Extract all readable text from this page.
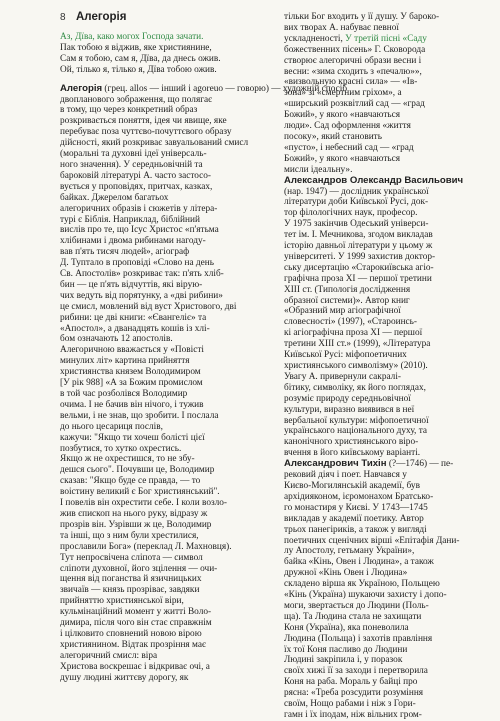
8 Алегорія
Аз, Дïва, како могох Господа зачати.
Пак тобою я віджив, яке християнине,
Сам я тобою, сам я, Дïва, да днесь ожив.
Ой, тілько я, тілько я, Дïва тобою ожив.
Алегорія (грец. allos — інший і agoreuo — говорю) — художній спосіб
двопланового зображення, що полягає
в тому, що через конкретний образ
розкривається поняття, ідея чи явище, яке
перебуває поза чуттєво-почуттєвого образу
дійсності, який розкриває завуальований смисл
(моральні та духовні ідеї універсаль-
ного значення). У середньовічній та
бароковій літературі А. часто застосо-
вується у проповідях, притчах, казках,
байках. Джерелом багатьох
алегоричних образів і сюжетів у літера-
турі є Біблія. Наприклад, біблійний
вислів про те, що Ісус Христос «п'ятьма
хлібинами і двома рибинами нагоду-
вав п'ять тисяч людей», агіограф
Д. Туптало в проповіді «Слово на день
Св. Апостолів» розкриває так: п'ять хліб-
бин — це п'ять відчуттів, які вірую-
чих ведуть від порятунку, а «дві рибини»
це смисл, мовлений від вуст Христового, дві
рибини: це дві книги: «Євангеліє» та
«Апостол», а дванадцять кошів із хлі-
бом означають 12 апостолів.
Алегоричною вважається у «Повісті
минулих літ» картина прийняття
християнства князем Володимиром
[У рік 988] «А за Божим промислом
в той час розболівся Володимир
очима. І не бачив він нічого, і тужив
вельми, і не знав, що зробити. І послала
до нього цесариця послів,
кажучи: "Якщо ти хочеш болісті цієї
позбутися, то хутко охрестись.
Якщо ж не охрестишся, то не збу-
дешся сього". Почувши це, Володимир
сказав: "Якщо буде се правда, — то
воістину великий є Бог християнський".
І повелів він охрестити себе. І коли возло-
жив єпископ на нього руку, відразу ж
прозрів він. Узрівши ж це, Володимир
та інші, що з ним були хрестилися,
прославили Бога» (переклад Л. Махновця).
Тут непросвічена сліпота — символ
сліпоти духовної, його зцілення — очи-
щення від поганства й язичницьких
звичаїв — князь прозріває, завдяки
прийняттю християнської віри,
кульмінаційний момент у житті Воло-
димира, після чого він стає справжнім
і цілковито сповнений новою вірою
християнином. Відтак прозріння має
алегоричний смисл: віра
Христова воскрешає і відкриває очі, а
душу людині життєву дорогу, як
тільки Бог входить у її душу. У бароко-
вих творах А. набуває певної
ускладненості, У третій пісні «Саду
божественних пісень» Г. Сковорода
створює алегоричні образи весни і
весни: «зима сходить з «печалю»»,
«визвольную красні сила» — «Ів-
зона» зі «смертним гріхом», а
«ширський розквітлий сад — «град
Божий», у якого «навчаються
люди». Сад оформлення «життя
посоку», який становить
«пусто», і небесний сад — «град
Божий», у якого «навчаються
мисли ідеальну».
Александров Олександр Васильович
(нар. 1947) — дослідник української
літератури доби Київської Русі, док-
тор філологічних наук, професор.
У 1975 закінчив Одеський універси-
тет ім. І. Мечникова, згодом викладав
історію давньої літератури у цьому ж
університеті. У 1999 захистив доктор-
ську дисертацію «Старокиївська агіо-
графічна проза XI — першої третини
XIII ст. (Типологія дослідження
образної системи)». Автор книг
«Образний мир агіографічної
словесності» (1997), «Староинсь-
кі агіографічна проза XI — першої
третини XIII ст.» (1999), «Література
Київської Русі: міфопоетичних
християнського символізму» (2010).
Увагу А. привернули сакралі-
бітику, символіку, як його поглядах,
розуміє природу середньовічної
культури, виразно виявився в неї
вербальної культури: міфопоетичної
українського національного духу, та
канонічного християнського віро-
вчення в його київському варіанті.
Александрович Тихін (?—1746) — пе-
рековий діяч і поет. Навчався у
Києво-Могилянській академії, був
архідияконом, ієромонахом Братсько-
го монастиря у Києві. У 1743—1745
викладав у академії поетику. Автор
трьох панегіриків, а також у вигляді
поетичних сценічних вірші «Епітафія Дани-
лу Апостолу, гетьману України»,
байка «Кінь, Овен і Людина», а також
дружної «Кінь Овен і Людина»
складено вірша як Україною, Польщею
«Кінь (Україна) шукаючи захисту і допо-
моги, звертається до Людини (Поль-
ща). Та Людина стала не захищати
Коня (Україна), яка поневолила
Людина (Польща) і захотів правління
їх тої Коня пасливо до Людини
Людині закріпила і, у поразок
своїх хижі її за заходи і перетворила
Коня на раба. Мораль у байці про
рясна: «Треба розсудити розуміння
своїм, Нощо рабами і ніж з Гори-
гамн і їх іподам, ніж вільних гром-
